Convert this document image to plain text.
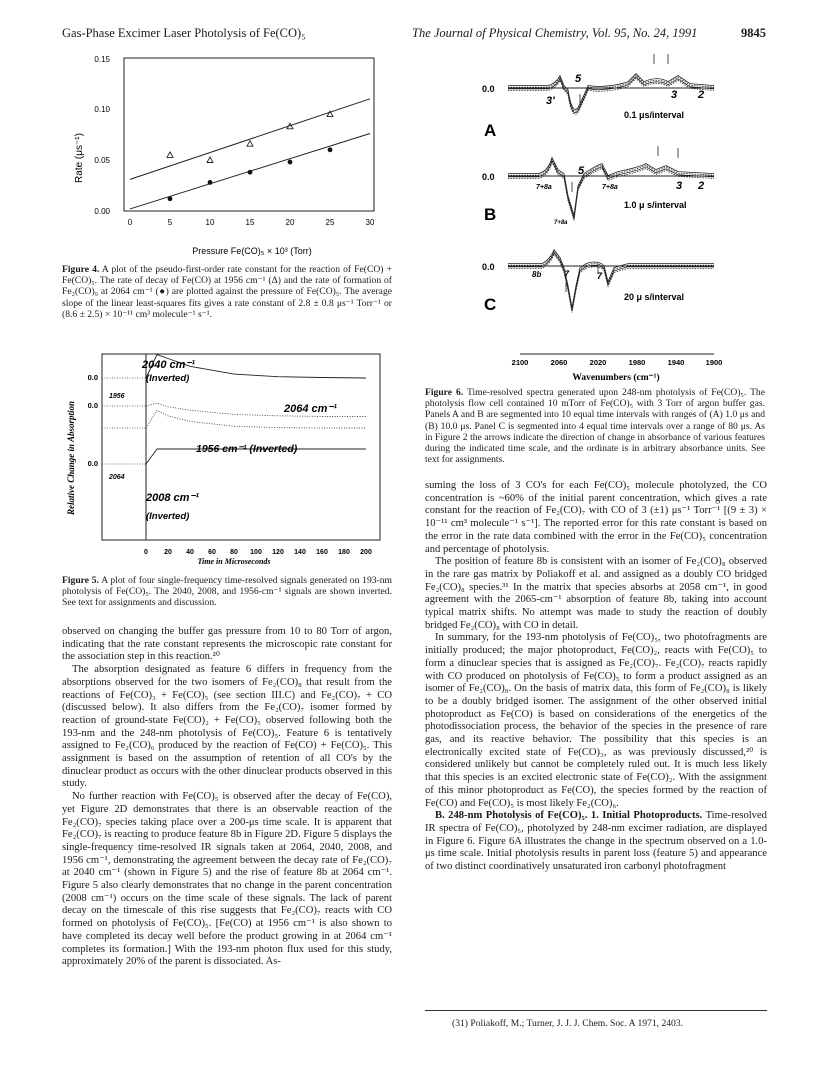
Gas-Phase Excimer Laser Photolysis of Fe(CO)₅	The Journal of Physical Chemistry, Vol. 95, No. 24, 1991	9845
Rate (μs⁻¹)
0.15
0.10
0.05
0.00
0	5	10	15	20	25	30
Pressure Fe(CO)₅ × 10³ (Torr)
Figure 4. A plot of the pseudo-first-order rate constant for the reaction of Fe(CO) + Fe(CO)₅. The rate of decay of Fe(CO) at 1956 cm⁻¹ (Δ) and the rate of formation of Fe₂(CO)₉ at 2064 cm⁻¹ (●) are plotted against the pressure of Fe(CO)₅. The average slope of the linear least-squares fits gives a rate constant of 2.8 ± 0.8 μs⁻¹ Torr⁻¹ or (8.6 ± 2.5) × 10⁻¹¹ cm³ molecule⁻¹ s⁻¹.
Relative Change in Absorption
0.0
0.0
0.0
2040 cm⁻¹
(Inverted)
2064 cm⁻¹
1956 cm⁻¹ (Inverted)
2008 cm⁻¹
(Inverted)
1956
2064
0 20 40 60 80 100 120 140 160 180 200
Time in Microseconds
Figure 5. A plot of four single-frequency time-resolved signals generated on 193-nm photolysis of Fe(CO)₅. The 2040, 2008, and 1956-cm⁻¹ signals are shown inverted. See text for assignments and discussion.

observed on changing the buffer gas pressure from 10 to 80 Torr of argon, indicating that the rate constant represents the microscopic rate constant for the association step in this reaction.²⁰

The absorption designated as feature 6 differs in frequency from the absorptions observed for the two isomers of Fe₂(CO)₈ that result from the reactions of Fe(CO)₃ + Fe(CO)₅ (see section III.C) and Fe₂(CO)₇ + CO (discussed below). It also differs from the Fe₂(CO)₇ isomer formed by reaction of ground-state Fe(CO)₂ + Fe(CO)₅ observed following both the 193-nm and the 248-nm photolysis of Fe(CO)₅. Feature 6 is tentatively assigned to Fe₂(CO)₆ produced by the reaction of Fe(CO) + Fe(CO)₅. This assignment is based on the assumption of retention of all CO's by the dinuclear product as occurs with the other dinuclear products observed in this study.

No further reaction with Fe(CO)₅ is observed after the decay of Fe(CO), yet Figure 2D demonstrates that there is an observable reaction of the Fe₂(CO)₇ species taking place over a 200-μs time scale. It is apparent that Fe₂(CO)₇ is reacting to produce feature 8b in Figure 2D. Figure 5 displays the single-frequency time-resolved IR signals taken at 2064, 2040, 2008, and 1956 cm⁻¹, demonstrating the agreement between the decay rate of Fe₂(CO)₇ at 2040 cm⁻¹ (shown in Figure 5) and the rise of feature 8b at 2064 cm⁻¹. Figure 5 also clearly demonstrates that no change in the parent concentration (2008 cm⁻¹) occurs on the time scale of these signals. The lack of parent decay on the timescale of this rise suggests that Fe₂(CO)₇ reacts with CO formed on photolysis of Fe(CO)₅. [Fe(CO) at 1956 cm⁻¹ is also shown to have completed its decay well before the product growing in at 2064 cm⁻¹ completes its formation.] With the 193-nm photon flux used for this study, approximately 20% of the parent is dissociated. As-

0.0
A
0.0
B
0.0
C
5
3'	3 2
5
7+8a	7+8a	3 2
7+8a
8b	7	7
0.1 μs/interval
1.0 μ s/interval
20 μ s/interval
2100	2060	2020	1980	1940	1900
Wavenumbers (cm⁻¹)
Figure 6. Time-resolved spectra generated upon 248-nm photolysis of Fe(CO)₅. The photolysis flow cell contained 10 mTorr of Fe(CO)₅ with 3 Torr of argon buffer gas. Panels A and B are segmented into 10 equal time intervals with ranges of (A) 1.0 μs and (B) 10.0 μs. Panel C is segmented into 4 equal time intervals over a range of 80 μs. As in Figure 2 the arrows indicate the direction of change in absorbance of various features during the indicated time scale, and the ordinate is in arbitrary absorbance units. See text for assignments.

suming the loss of 3 CO's for each Fe(CO)₅ molecule photolyzed, the CO concentration is ~60% of the initial parent concentration, which gives a rate constant for the reaction of Fe₂(CO)₇ with CO of 3 (±1) μs⁻¹ Torr⁻¹ [(9 ± 3) × 10⁻¹¹ cm³ molecule⁻¹ s⁻¹]. The reported error for this rate constant is based on the error in the rate data combined with the error in the Fe(CO)₅ concentration and percentage of photolysis.

The position of feature 8b is consistent with an isomer of Fe₂(CO)₈ observed in the rare gas matrix by Poliakoff et al. and assigned as a doubly CO bridged Fe₂(CO)₈ species.³¹ In the matrix that species absorbs at 2058 cm⁻¹, in good agreement with the 2065-cm⁻¹ absorption of feature 8b, taking into account typical matrix shifts. No attempt was made to study the reaction of doubly bridged Fe₂(CO)₈ with CO in detail.

In summary, for the 193-nm photolysis of Fe(CO)₅, two photofragments are initially produced; the major photoproduct, Fe(CO)₂, reacts with Fe(CO)₅ to form a dinuclear species that is assigned as Fe₂(CO)₇. Fe₂(CO)₇ reacts rapidly with CO produced on photolysis of Fe(CO)₅ to form a product assigned as an isomer of Fe₂(CO)₈. On the basis of matrix data, this form of Fe₂(CO)₈ is likely to be a doubly bridged isomer. The assignment of the other observed initial photoproduct as Fe(CO) is based on considerations of the energetics of the photodissociation process, the behavior of the species in the presence of rare gas, and its reactive behavior. The possibility that this species is an electronically excited state of Fe(CO)₃, as was previously discussed,²⁰ is considered unlikely but cannot be completely ruled out. It is much less likely that this species is an excited electronic state of Fe(CO)₂. With the assignment of this minor photoproduct as Fe(CO), the species formed by the reaction of Fe(CO) and Fe(CO)₅ is most likely Fe₂(CO)₆.

B. 248-nm Photolysis of Fe(CO)₅. 1. Initial Photoproducts. Time-resolved IR spectra of Fe(CO)₅, photolyzed by 248-nm excimer radiation, are displayed in Figure 6. Figure 6A illustrates the change in the spectrum observed on a 1.0-μs time scale. Initial photolysis results in parent loss (feature 5) and appearance of two distinct coordinatively unsaturated iron carbonyl photofragment

(31) Poliakoff, M.; Turner, J. J. J. Chem. Soc. A 1971, 2403.
